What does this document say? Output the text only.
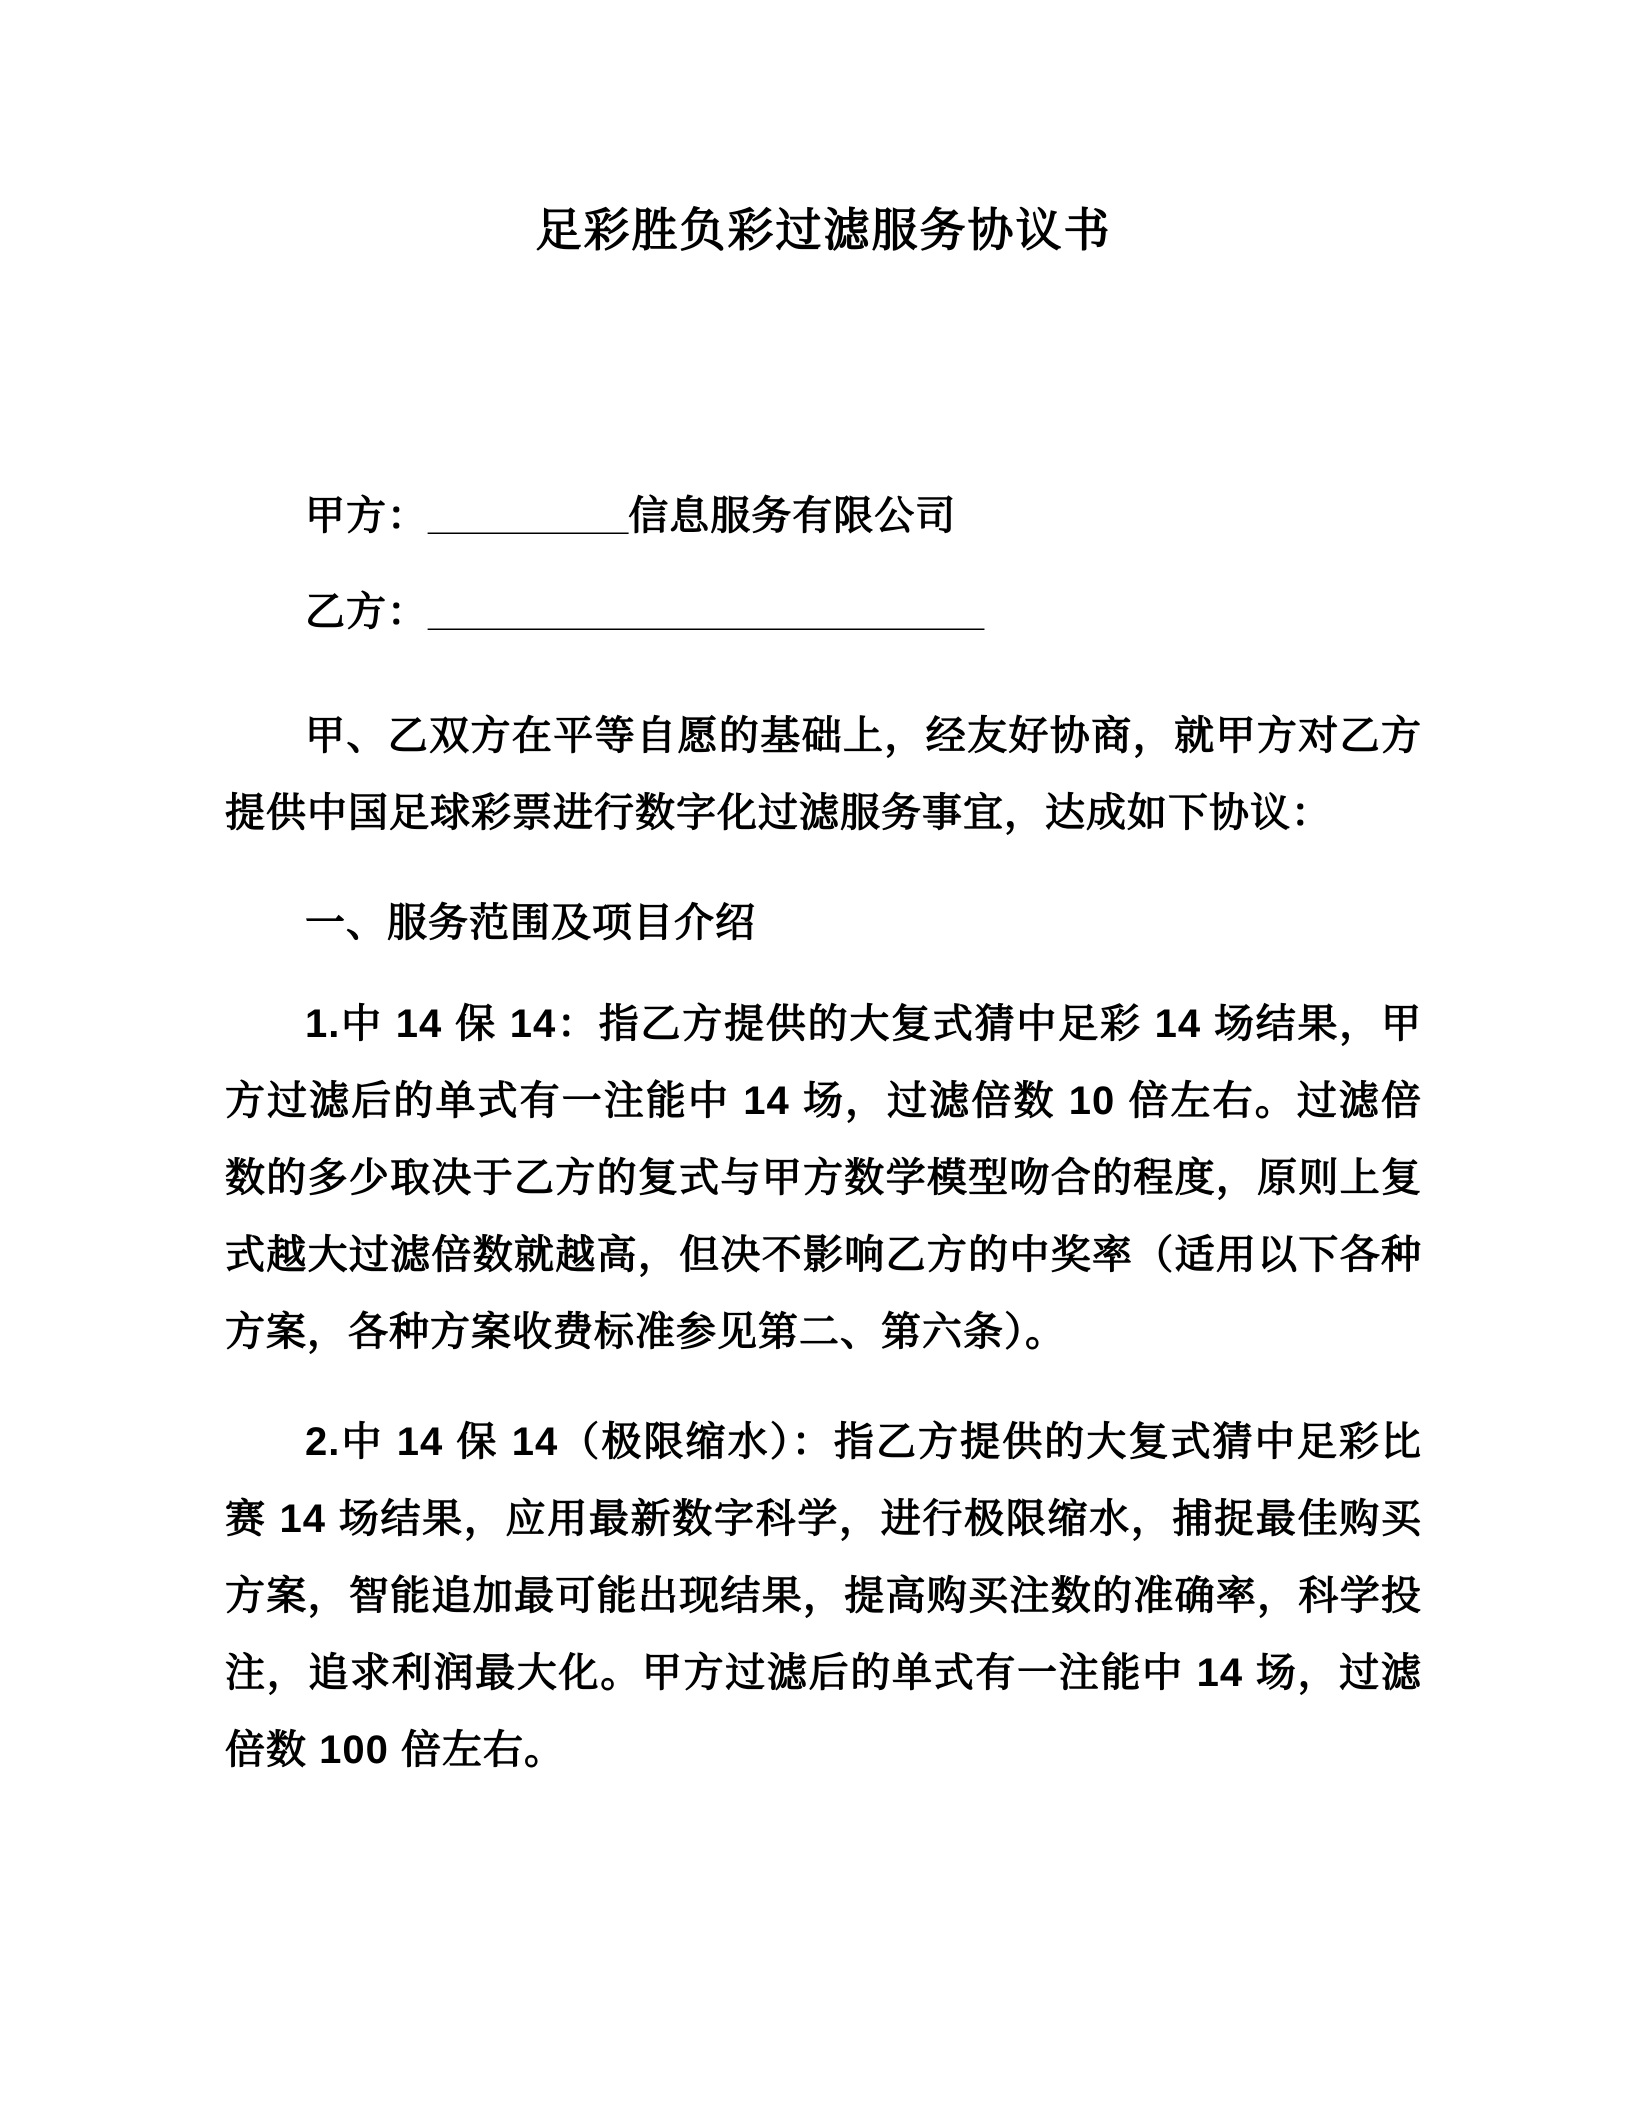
足彩胜负彩过滤服务协议书

甲方：_________信息服务有限公司

乙方：_________________________

甲、乙双方在平等自愿的基础上，经友好协商，就甲方对乙方提供中国足球彩票进行数字化过滤服务事宜，达成如下协议：

一、服务范围及项目介绍

1.中 14 保 14：指乙方提供的大复式猜中足彩 14 场结果，甲方过滤后的单式有一注能中 14 场，过滤倍数 10 倍左右。过滤倍数的多少取决于乙方的复式与甲方数学模型吻合的程度，原则上复式越大过滤倍数就越高，但决不影响乙方的中奖率（适用以下各种方案，各种方案收费标准参见第二、第六条）。

2.中 14 保 14（极限缩水）：指乙方提供的大复式猜中足彩比赛 14 场结果，应用最新数字科学，进行极限缩水，捕捉最佳购买方案，智能追加最可能出现结果，提高购买注数的准确率，科学投注，追求利润最大化。甲方过滤后的单式有一注能中 14 场，过滤倍数 100 倍左右。
